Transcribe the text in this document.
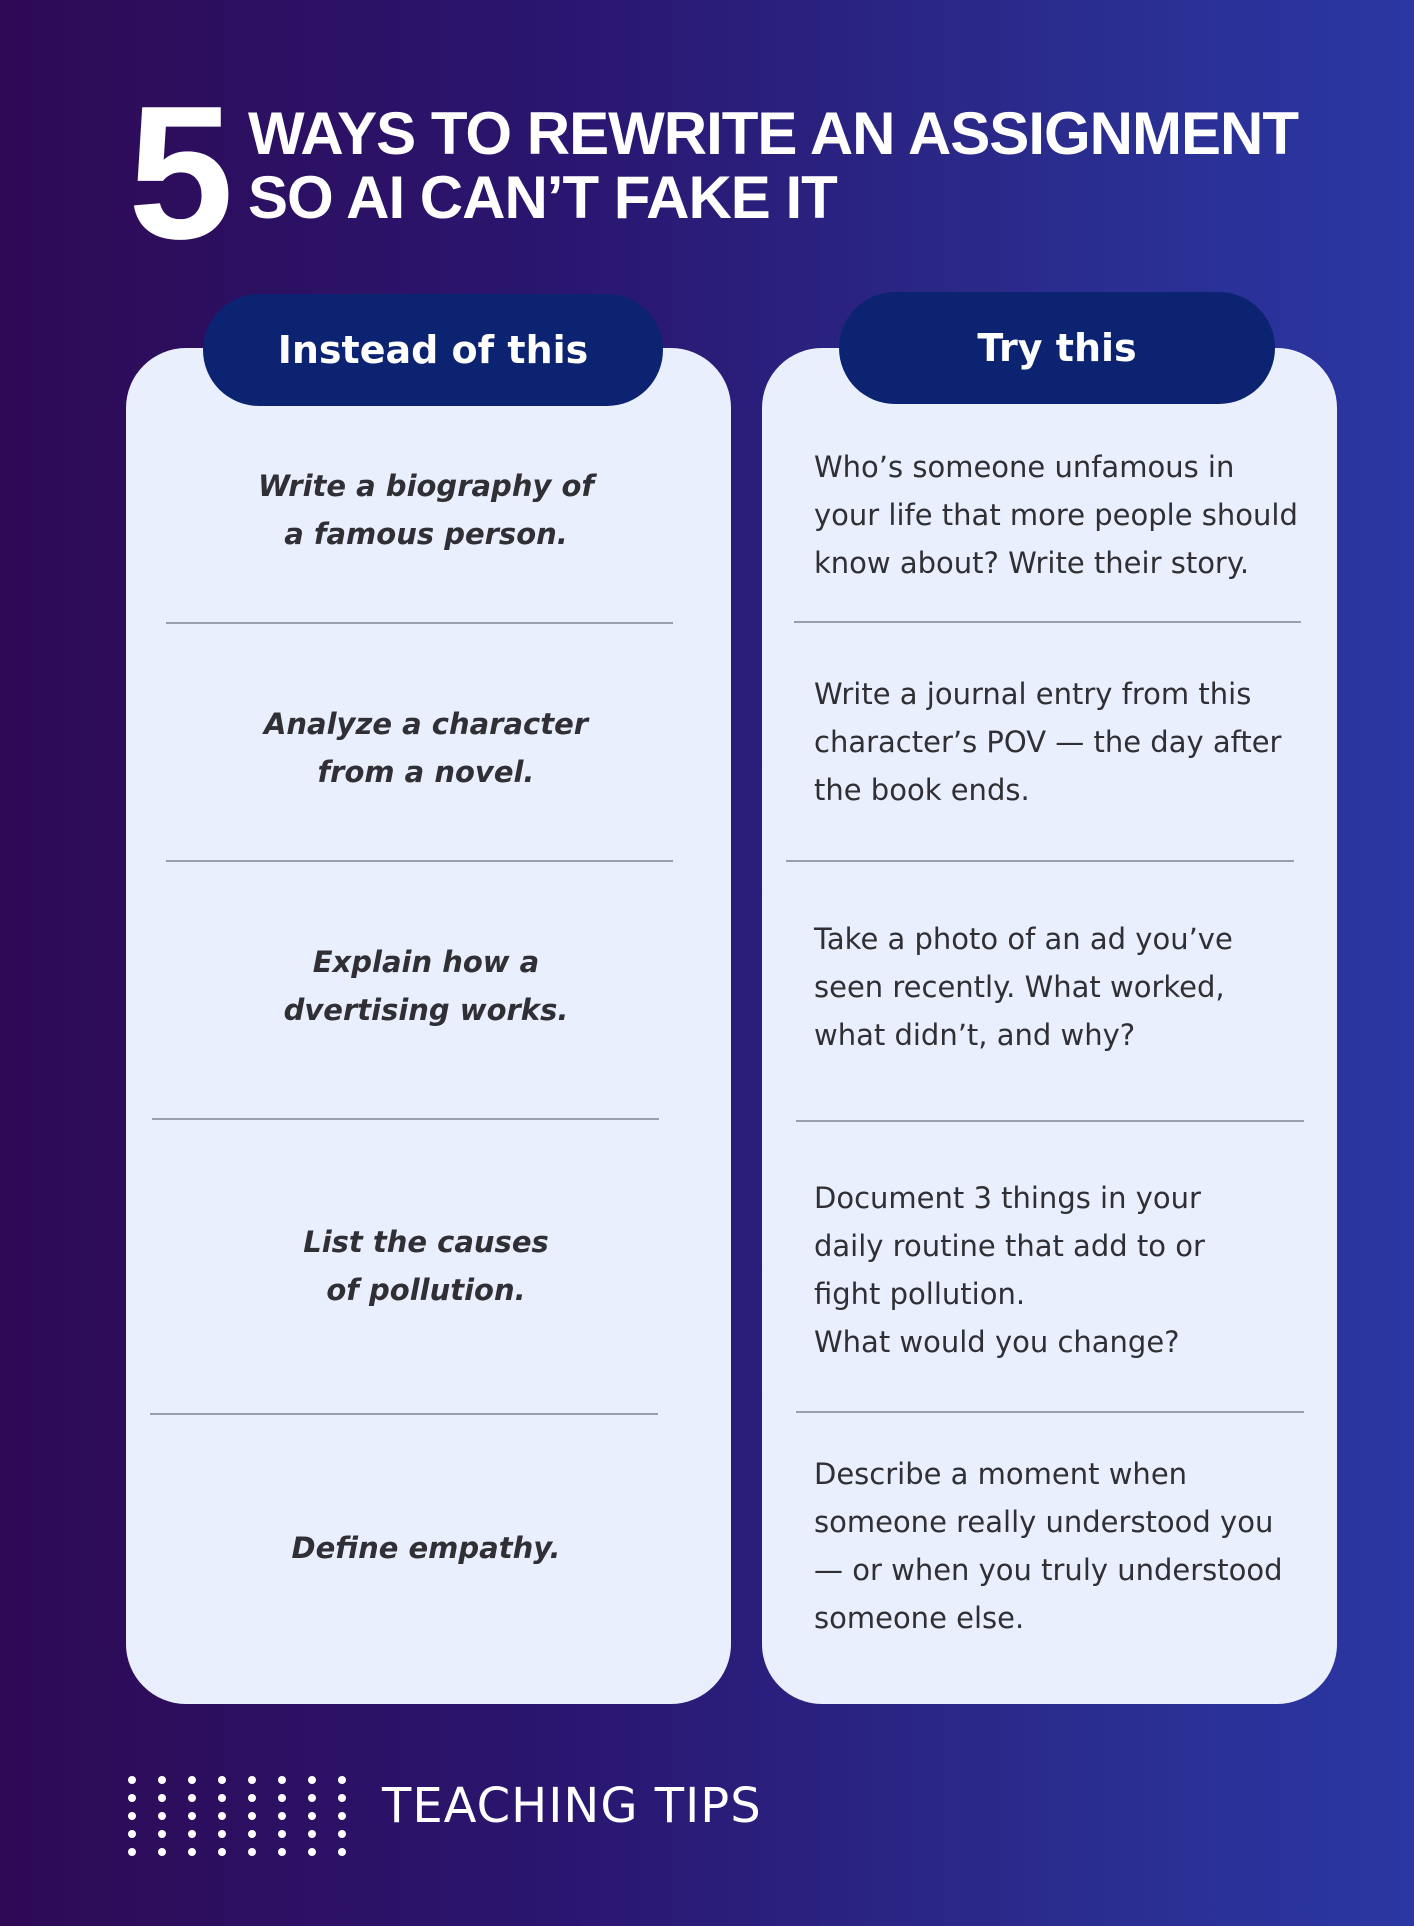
5 WAYS TO REWRITE AN ASSIGNMENT
SO AI CAN’T FAKE IT
Instead of this	Try this
Write a biography of
a famous person.
Analyze a character
from a novel.
Explain how a
dvertising works.
List the causes
of pollution.
Define empathy.
Who’s someone unfamous in
your life that more people should
know about? Write their story.
Write a journal entry from this
character’s POV — the day after
the book ends.
Take a photo of an ad you’ve
seen recently. What worked,
what didn’t, and why?
Document 3 things in your
daily routine that add to or
fight pollution.
What would you change?
Describe a moment when
someone really understood you
— or when you truly understood
someone else.
TEACHING TIPS
